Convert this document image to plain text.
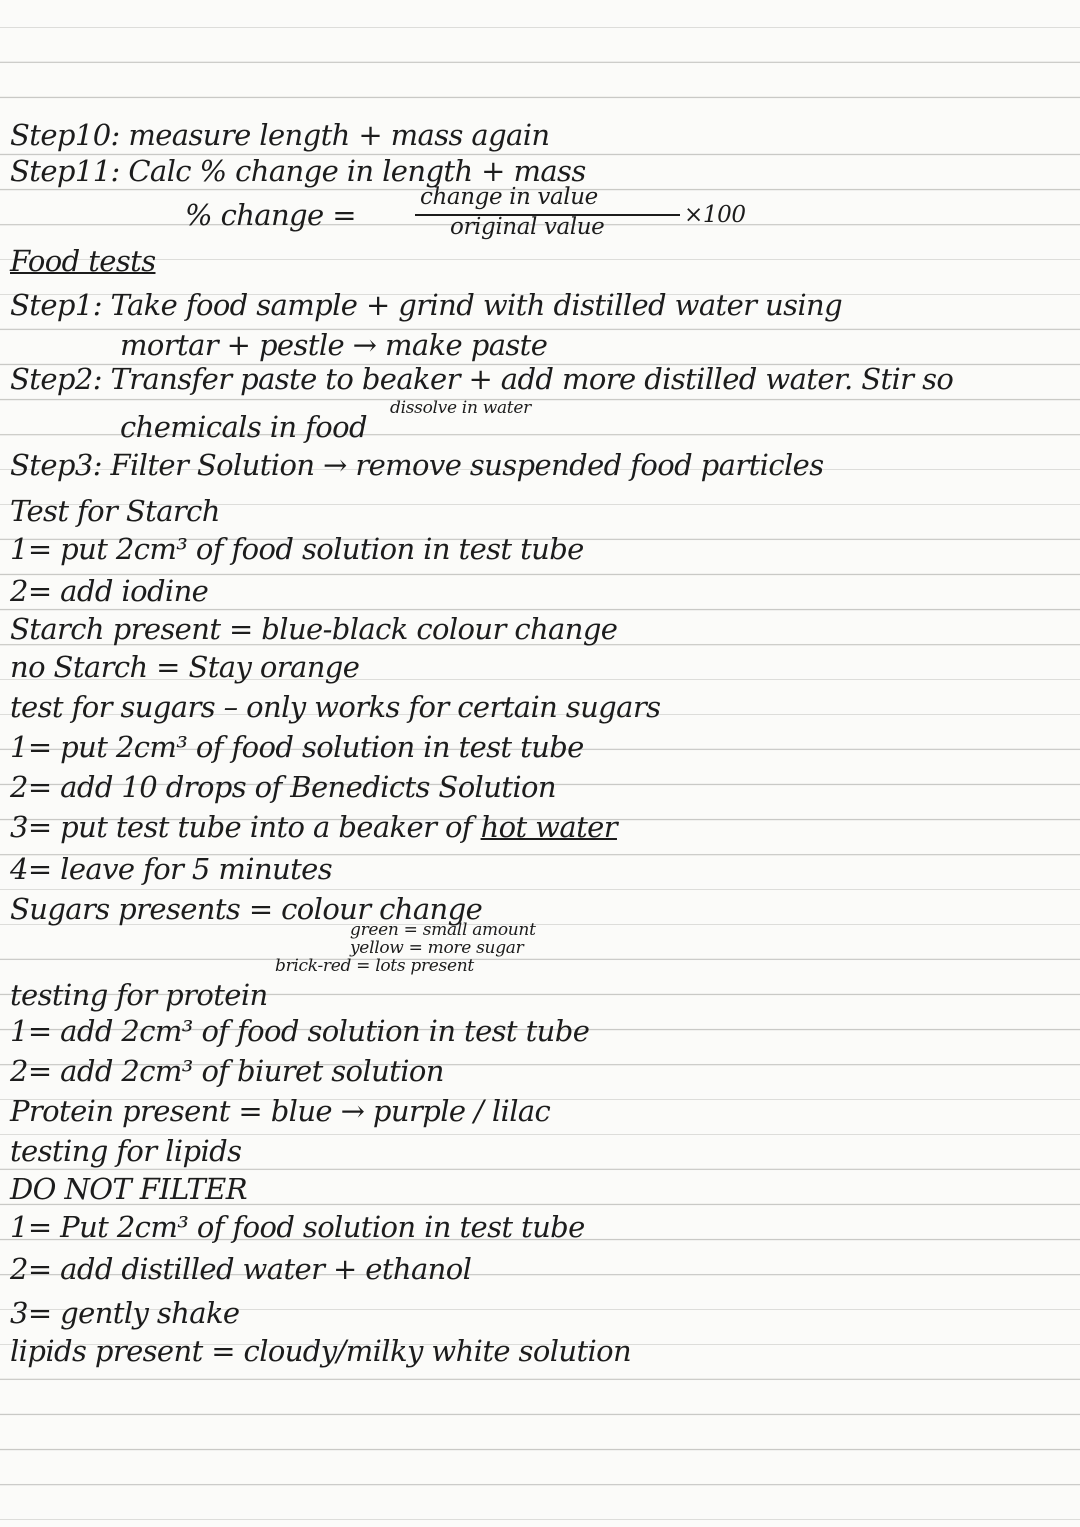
Step10: measure length + mass again
Step11: Calc % change in length + mass
% change =
change in value
original value	×100
Food tests
Step1: Take food sample + grind with distilled water using
mortar + pestle → make paste
Step2: Transfer paste to beaker + add more distilled water. Stir so
dissolve in water
chemicals in food
Step3: Filter Solution → remove suspended food particles
Test for Starch
1= put 2cm³ of food solution in test tube
2= add iodine
Starch present = blue-black colour change
no Starch = Stay orange
test for sugars – only works for certain sugars
1= put 2cm³ of food solution in test tube
2= add 10 drops of Benedicts Solution
3= put test tube into a beaker of hot water
4= leave for 5 minutes
Sugars presents = colour change
green = small amount
yellow = more sugar
brick-red = lots present
testing for protein
1= add 2cm³ of food solution in test tube
2= add 2cm³ of biuret solution
Protein present = blue → purple / lilac
testing for lipids
DO NOT FILTER
1= Put 2cm³ of food solution in test tube
2= add distilled water + ethanol
3= gently shake
lipids present = cloudy/milky white solution
